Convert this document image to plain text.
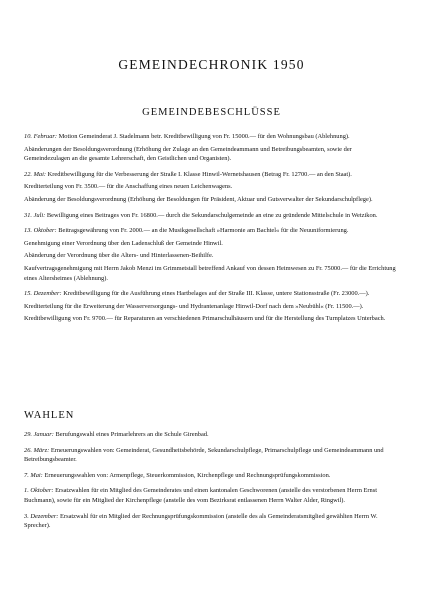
GEMEINDECHRONIK 1950
GEMEINDEBESCHLÜSSE

10. Februar: Motion Gemeinderat J. Stadelmann betr. Kreditbewilligung von Fr. 15000.— für den Wohnungsbau (Ablehnung).

Abänderungen der Besoldungsverordnung (Erhöhung der Zulage an den Gemeindeammann und Betreibungsbeamten, sowie der Gemeindezulagen an die gesamte Lehrerschaft, den Geistlichen und Organisten).

22. Mai: Kreditbewilligung für die Verbesserung der Straße I. Klasse Hinwil-Wernetshausen (Betrag Fr. 12700.— an den Staat).

Krediterteilung von Fr. 3500.— für die Anschaffung eines neuen Leichenwagens.

Abänderung der Besoldungsverordnung (Erhöhung der Besoldungen für Präsident, Aktuar und Gutsverwalter der Sekundarschulpflege).

31. Juli: Bewilligung eines Beitrages von Fr. 16800.— durch die Sekundarschulgemeinde an eine zu gründende Mittelschule in Wetzikon.

13. Oktober: Beitragsgewährung von Fr. 2000.— an die Musikgesellschaft »Harmonie am Bachtel« für die Neuuniformierung.

Genehmigung einer Verordnung über den Ladenschluß der Gemeinde Hinwil.

Abänderung der Verordnung über die Alters- und Hinterlassenen-Beihilfe.

Kaufvertragsgenehmigung mit Herrn Jakob Menzi im Grimmetstall betreffend Ankauf von dessen Heimwesen zu Fr. 75000.— für die Errichtung eines Altersheimes (Ablehnung).

15. Dezember: Kreditbewilligung für die Ausführung eines Hartbelages auf der Straße III. Klasse, untere Stationsstraße (Fr. 23000.—).

Krediterteilung für die Erweiterung der Wasserversorgungs- und Hydrantenanlage Hinwil-Dorf nach dem »Neubühl« (Fr. 11500.—).

Kreditbewilligung von Fr. 9700.— für Reparaturen an verschiedenen Primarschulhäusern und für die Herstellung des Turnplatzes Unterbach.

WAHLEN

29. Januar: Berufungswahl eines Primarlehrers an die Schule Girenbad.

26. März: Erneuerungswahlen von: Gemeinderat, Gesundheitsbehörde, Sekundarschulpflege, Primarschulpflege und Gemeindeammann und Betreibungsbeamter.

7. Mai: Erneuerungswahlen von: Armenpflege, Steuerkommission, Kirchenpflege und Rechnungsprüfungskommission.

1. Oktober: Ersatzwahlen für ein Mitglied des Gemeinderates und einen kantonalen Geschworenen (anstelle des verstorbenen Herrn Ernst Buchmann), sowie für ein Mitglied der Kirchenpflege (anstelle des vom Bezirksrat entlassenen Herrn Walter Alder, Ringwil).

3. Dezember: Ersatzwahl für ein Mitglied der Rechnungsprüfungskommission (anstelle des als Gemeinderatsmitglied gewählten Herrn W. Sprecher).
